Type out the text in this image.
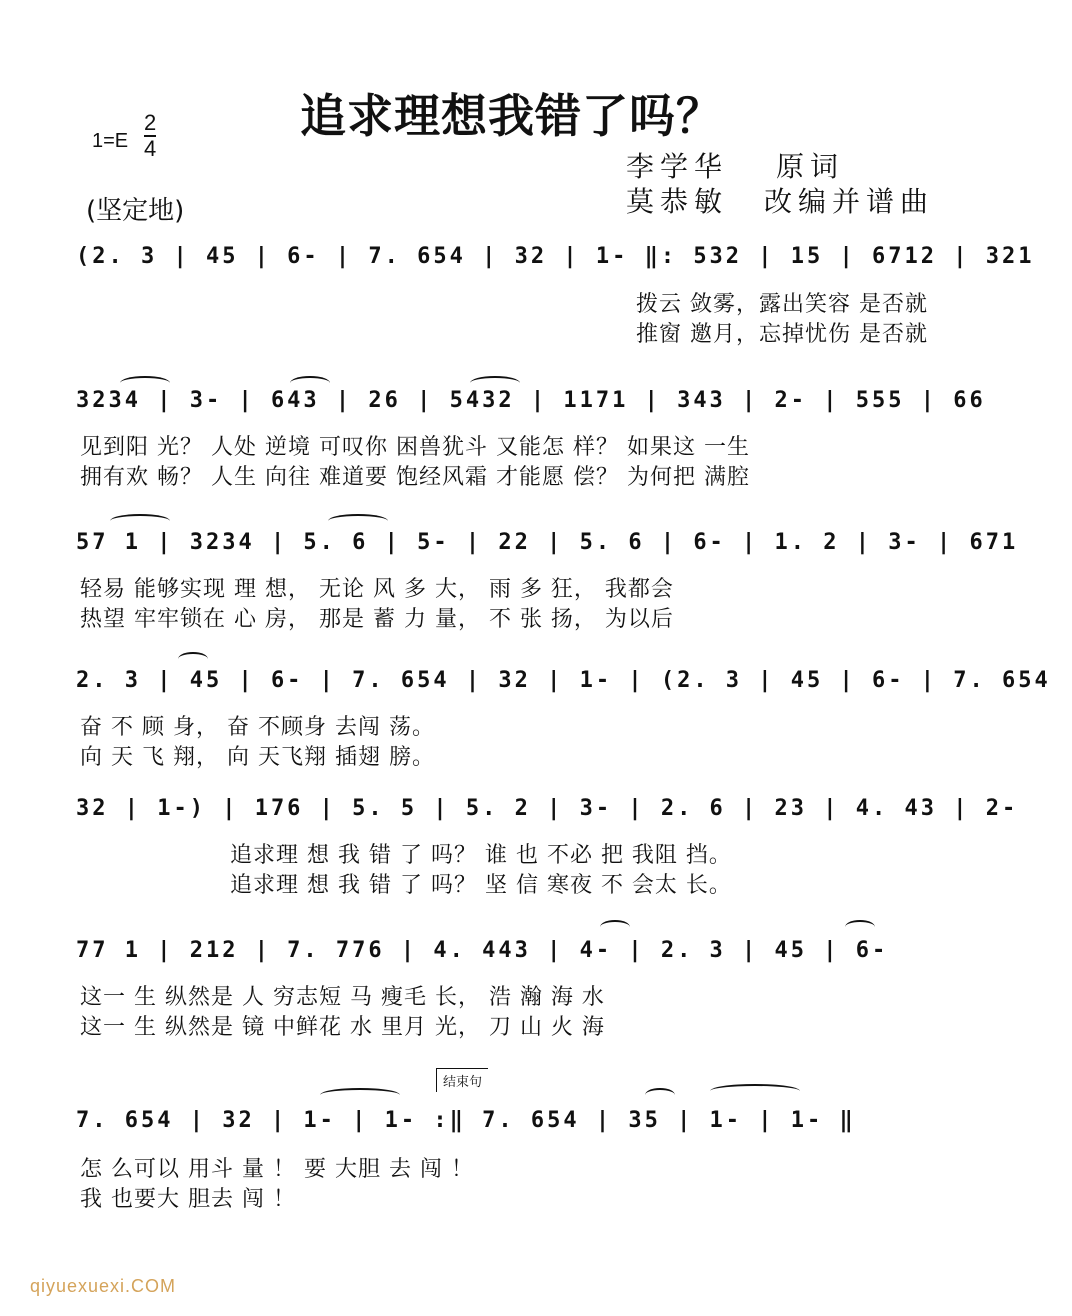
追求理想我错了吗？
1=E
2
4
(坚定地)
李学华 原词
莫恭敏 改编并谱曲
(2. 3 | 45 | 6- | 7. 654 | 32 | 1- ‖: 532 | 15 | 6712 | 321
拨云 敛雾，露出笑容 是否就
推窗 邀月，忘掉忧伤 是否就
3234 | 3- | 643 | 26 | 5432 | 1171 | 343 | 2- | 555 | 66
见到阳 光？ 人处 逆境 可叹你 困兽犹斗 又能怎 样？ 如果这 一生
拥有欢 畅？ 人生 向往 难道要 饱经风霜 才能愿 偿？ 为何把 满腔
57 1 | 3234 | 5. 6 | 5- | 22 | 5. 6 | 6- | 1. 2 | 3- | 671
轻易 能够实现 理 想， 无论 风 多 大， 雨 多 狂， 我都会
热望 牢牢锁在 心 房， 那是 蓄 力 量， 不 张 扬， 为以后
2. 3 | 45 | 6- | 7. 654 | 32 | 1- | (2. 3 | 45 | 6- | 7. 654
奋 不 顾 身， 奋 不顾身 去闯 荡。
向 天 飞 翔， 向 天飞翔 插翅 膀。
32 | 1-) | 176 | 5. 5 | 5. 2 | 3- | 2. 6 | 23 | 4. 43 | 2-
追求理 想 我 错 了 吗？ 谁 也 不必 把 我阻 挡。
追求理 想 我 错 了 吗？ 坚 信 寒夜 不 会太 长。
77 1 | 212 | 7. 776 | 4. 443 | 4- | 2. 3 | 45 | 6-
这一 生 纵然是 人 穷志短 马 瘦毛 长， 浩 瀚 海 水
这一 生 纵然是 镜 中鲜花 水 里月 光， 刀 山 火 海
结束句
7. 654 | 32 | 1- | 1- :‖ 7. 654 | 35 | 1- | 1- ‖
怎 么可以 用斗 量 ！ 要 大胆 去 闯 ！
我 也要大 胆去 闯 ！
qiyuexuexi.COM
